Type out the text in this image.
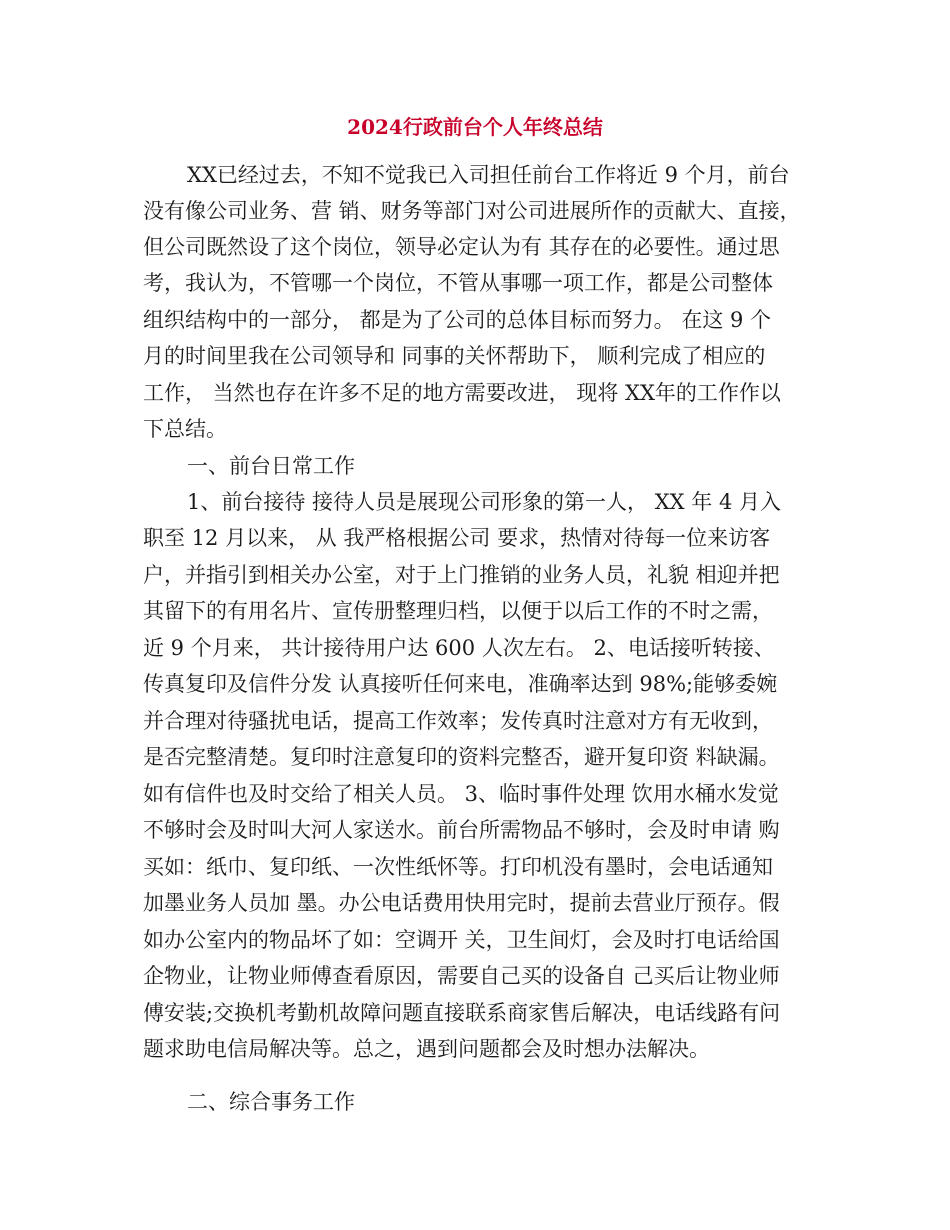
2024行政前台个人年终总结
XX已经过去，不知不觉我已入司担任前台工作将近 9 个月，前台
没有像公司业务、营 销、财务等部门对公司进展所作的贡献大、直接，
但公司既然设了这个岗位，领导必定认为有 其存在的必要性。通过思
考，我认为，不管哪一个岗位，不管从事哪一项工作，都是公司整体
组织结构中的一部分， 都是为了公司的总体目标而努力。 在这 9 个
月的时间里我在公司领导和 同事的关怀帮助下， 顺利完成了相应的
工作， 当然也存在许多不足的地方需要改进， 现将 XX年的工作作以
下总结。
一、前台日常工作
1、前台接待 接待人员是展现公司形象的第一人， XX 年 4 月入
职至 12 月以来， 从 我严格根据公司 要求，热情对待每一位来访客
户，并指引到相关办公室，对于上门推销的业务人员，礼貌 相迎并把
其留下的有用名片、宣传册整理归档，以便于以后工作的不时之需，
近 9 个月来， 共计接待用户达 600 人次左右。 2、电话接听转接、
传真复印及信件分发 认真接听任何来电，准确率达到 98%;能够委婉
并合理对待骚扰电话，提高工作效率；发传真时注意对方有无收到，
是否完整清楚。复印时注意复印的资料完整否，避开复印资 料缺漏。
如有信件也及时交给了相关人员。 3、临时事件处理 饮用水桶水发觉
不够时会及时叫大河人家送水。前台所需物品不够时，会及时申请 购
买如：纸巾、复印纸、一次性纸怀等。打印机没有墨时，会电话通知
加墨业务人员加 墨。办公电话费用快用完时，提前去营业厅预存。假
如办公室内的物品坏了如：空调开 关，卫生间灯，会及时打电话给国
企物业，让物业师傅查看原因，需要自己买的设备自 己买后让物业师
傅安装;交换机考勤机故障问题直接联系商家售后解决，电话线路有问
题求助电信局解决等。总之，遇到问题都会及时想办法解决。
二、综合事务工作
